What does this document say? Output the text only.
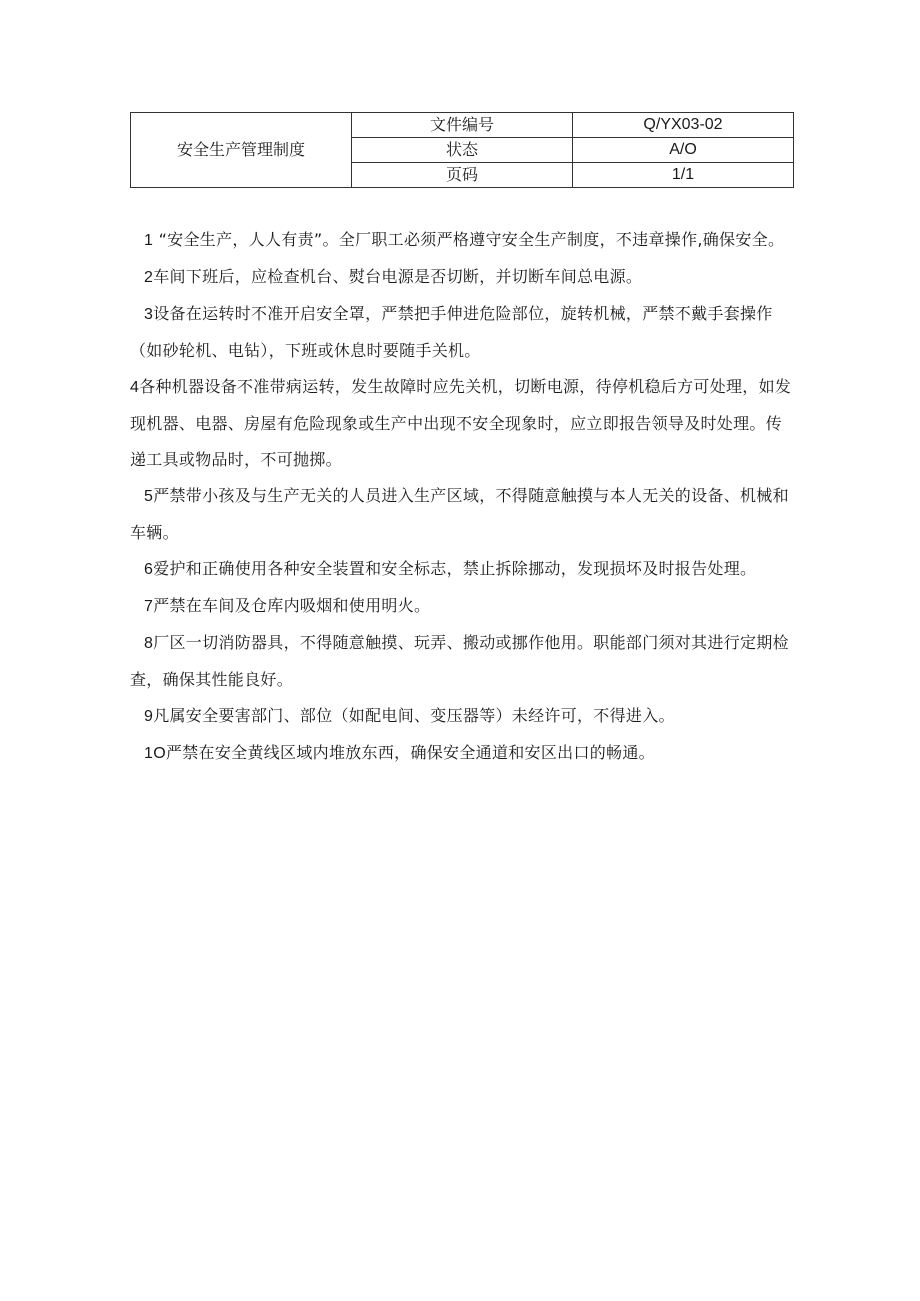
安全生产管理制度	文件编号	Q/YX03-02
	状态	A/O
	页码	1/1

1 “安全生产，人人有责”。全厂职工必须严格遵守安全生产制度，不违章操作,确保安全。

2车间下班后，应检查机台、熨台电源是否切断，并切断车间总电源。

3设备在运转时不准开启安全罩，严禁把手伸进危险部位，旋转机械，严禁不戴手套操作（如砂轮机、电钻），下班或休息时要随手关机。

4各种机器设备不准带病运转，发生故障时应先关机，切断电源，待停机稳后方可处理，如发现机器、电器、房屋有危险现象或生产中出现不安全现象时，应立即报告领导及时处理。传递工具或物品时，不可抛掷。

5严禁带小孩及与生产无关的人员进入生产区域，不得随意触摸与本人无关的设备、机械和车辆。

6爱护和正确使用各种安全装置和安全标志，禁止拆除挪动，发现损坏及时报告处理。

7严禁在车间及仓库内吸烟和使用明火。

8厂区一切消防器具，不得随意触摸、玩弄、搬动或挪作他用。职能部门须对其进行定期检查，确保其性能良好。

9凡属安全要害部门、部位（如配电间、变压器等）未经许可，不得进入。

1O严禁在安全黄线区域内堆放东西，确保安全通道和安区出口的畅通。
